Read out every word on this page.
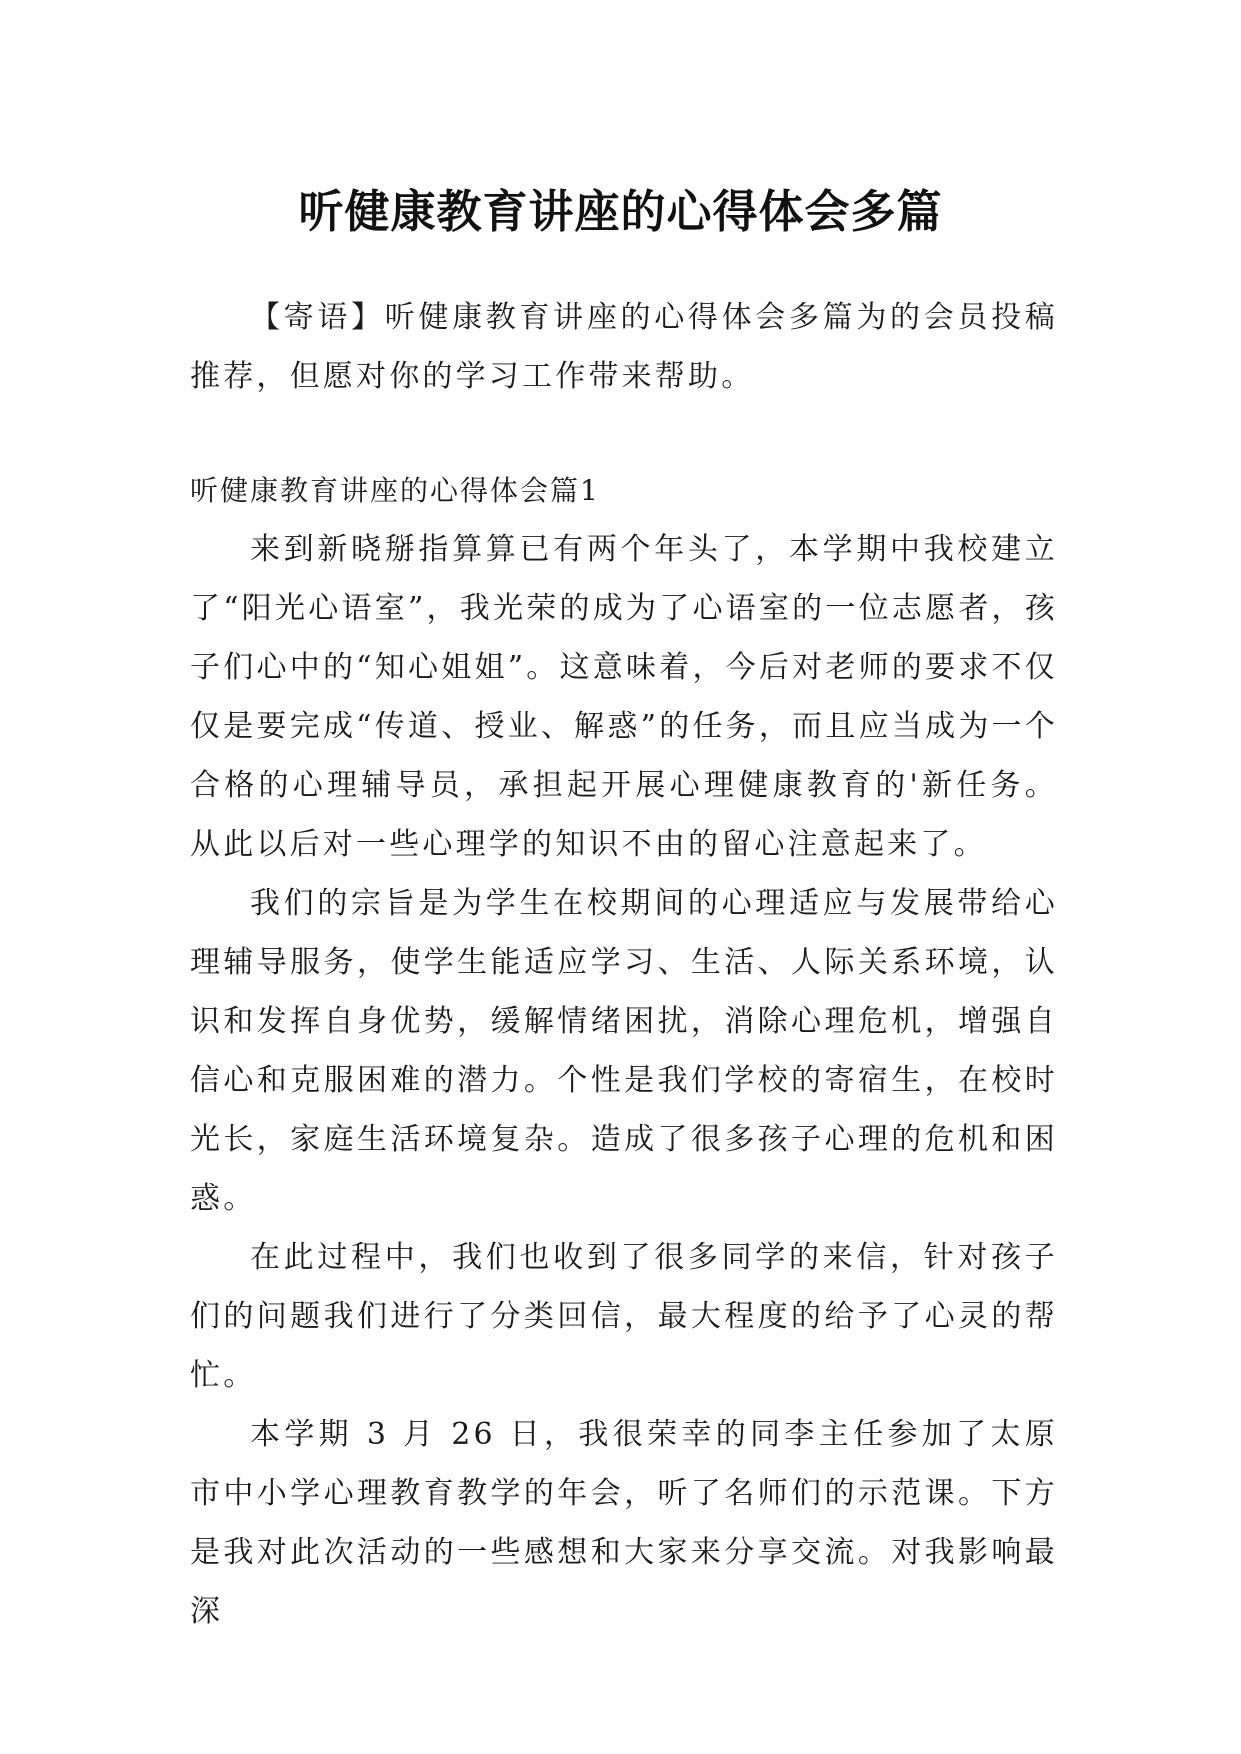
听健康教育讲座的心得体会多篇

【寄语】听健康教育讲座的心得体会多篇为的会员投稿推荐，但愿对你的学习工作带来帮助。

听健康教育讲座的心得体会篇1

来到新晓掰指算算已有两个年头了，本学期中我校建立了“阳光心语室”，我光荣的成为了心语室的一位志愿者，孩子们心中的“知心姐姐”。这意味着，今后对老师的要求不仅仅是要完成“传道、授业、解惑”的任务，而且应当成为一个合格的心理辅导员，承担起开展心理健康教育的'新任务。从此以后对一些心理学的知识不由的留心注意起来了。

我们的宗旨是为学生在校期间的心理适应与发展带给心理辅导服务，使学生能适应学习、生活、人际关系环境，认识和发挥自身优势，缓解情绪困扰，消除心理危机，增强自信心和克服困难的潜力。个性是我们学校的寄宿生，在校时光长，家庭生活环境复杂。造成了很多孩子心理的危机和困惑。

在此过程中，我们也收到了很多同学的来信，针对孩子们的问题我们进行了分类回信，最大程度的给予了心灵的帮忙。

本学期 3 月 26 日，我很荣幸的同李主任参加了太原市中小学心理教育教学的年会，听了名师们的示范课。下方是我对此次活动的一些感想和大家来分享交流。对我影响最深
